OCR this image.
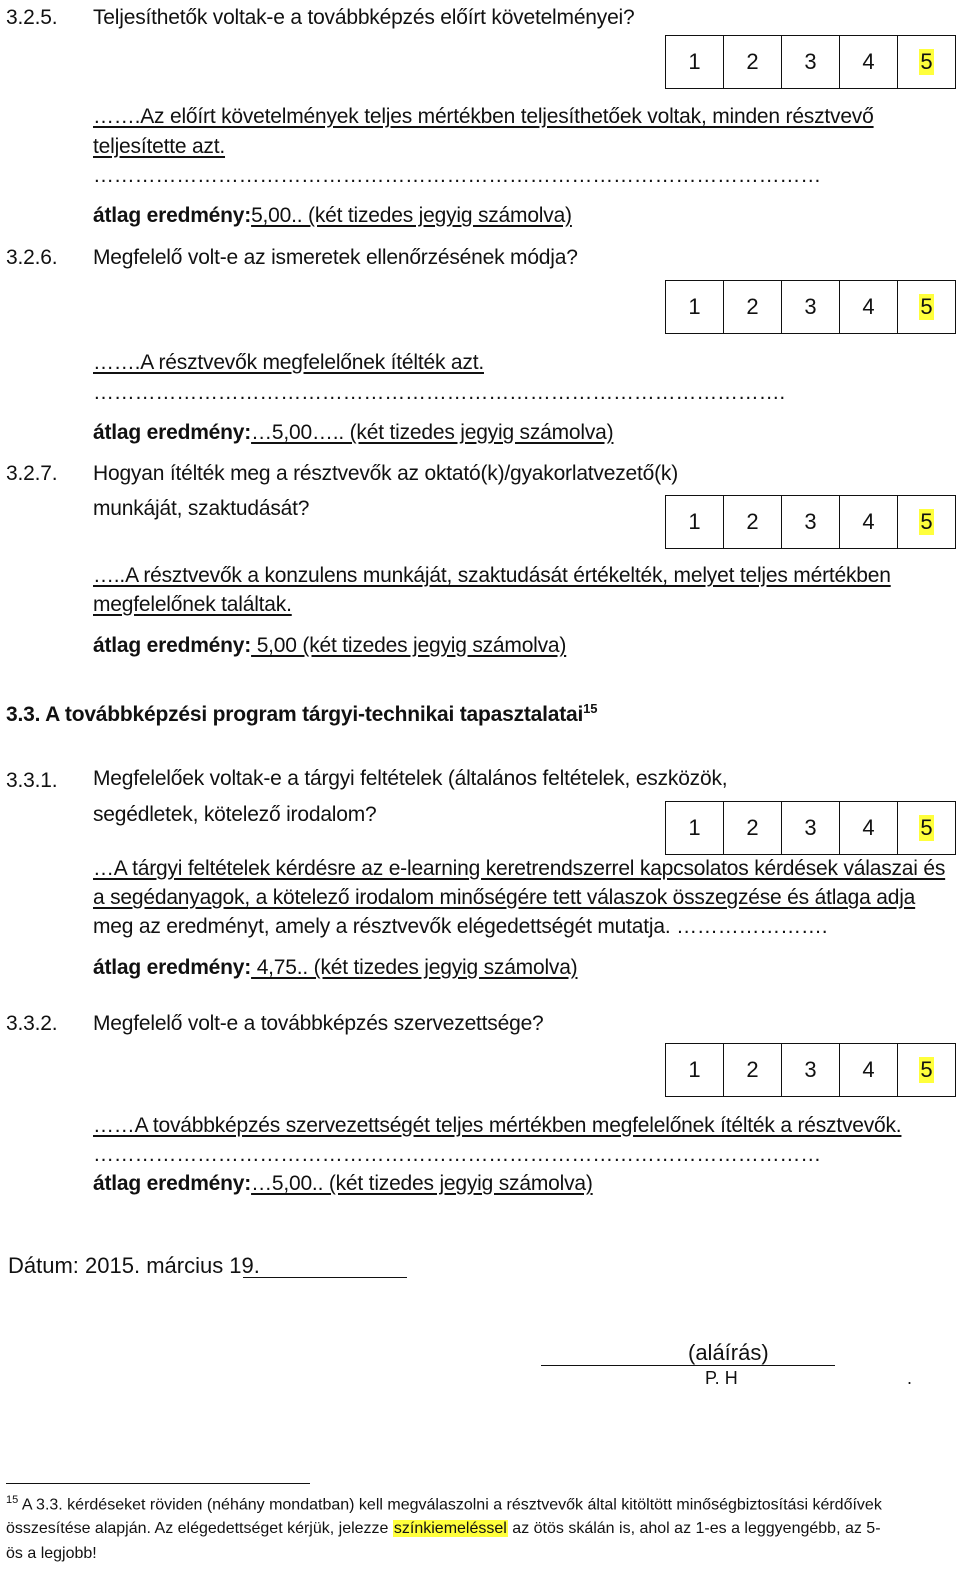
3.2.5. Teljesíthetők voltak-e a továbbképzés előírt követelményei?
1	2	3	4	5
…….Az előírt követelmények teljes mértékben teljesíthetőek voltak, minden résztvevő
teljesítette azt.
……………………………………………………………………………………………
átlag eredmény:5,00.. (két tizedes jegyig számolva)
3.2.6. Megfelelő volt-e az ismeretek ellenőrzésének módja?
1	2	3	4	5
…….A résztvevők megfelelőnek ítélték azt.
……………………………………………………………………………………….
átlag eredmény:…5,00….. (két tizedes jegyig számolva)
3.2.7. Hogyan ítélték meg a résztvevők az oktató(k)/gyakorlatvezető(k)
munkáját, szaktudását?
1	2	3	4	5
…..A résztvevők a konzulens munkáját, szaktudását értékelték, melyet teljes mértékben
megfelelőnek találtak.
átlag eredmény: 5,00 (két tizedes jegyig számolva)
3.3. A továbbképzési program tárgyi-technikai tapasztalatai$^{15}$
3.3.1. Megfelelőek voltak-e a tárgyi feltételek (általános feltételek, eszközök,
segédletek, kötelező irodalom?
1	2	3	4	5
…A tárgyi feltételek kérdésre az e-learning keretrendszerrel kapcsolatos kérdések válaszai és
a segédanyagok, a kötelező irodalom minőségére tett válaszok összegzése és átlaga adja
meg az eredményt, amely a résztvevők elégedettségét mutatja. ………………….
átlag eredmény: 4,75.. (két tizedes jegyig számolva)
3.3.2. Megfelelő volt-e a továbbképzés szervezettsége?
1	2	3	4	5
……A továbbképzés szervezettségét teljes mértékben megfelelőnek ítélték a résztvevők.
……………………………………………………………………………………………
átlag eredmény:…5,00.. (két tizedes jegyig számolva)
Dátum: 2015. március 19.
(aláírás)
P. H	.
$^{15}$ A 3.3. kérdéseket röviden (néhány mondatban) kell megválaszolni a résztvevők által kitöltött minőségbiztosítási kérdőívek
összesítése alapján. Az elégedettséget kérjük, jelezze színkiemeléssel az ötös skálán is, ahol az 1-es a leggyengébb, az 5-
ös a legjobb!
